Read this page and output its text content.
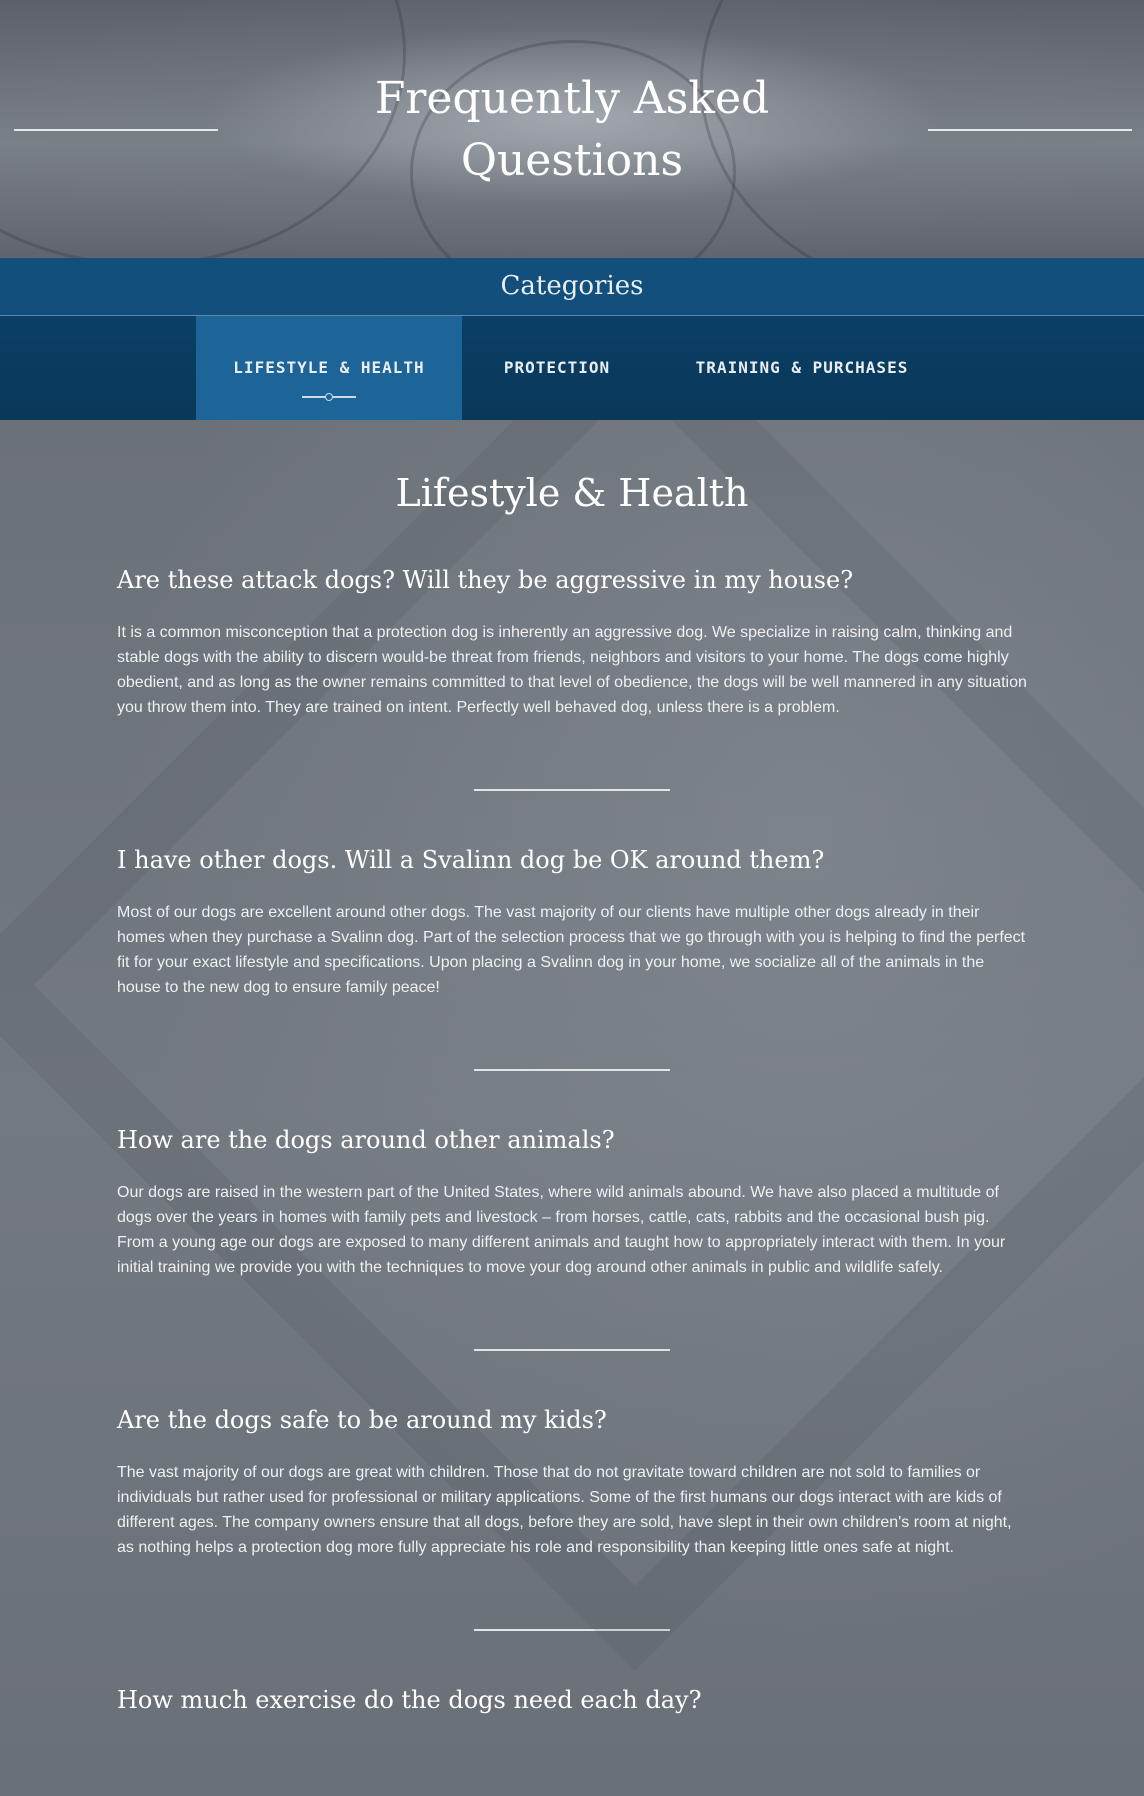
Frequently Asked
Questions
Categories
LIFESTYLE & HEALTH	PROTECTION	TRAINING & PURCHASES
Lifestyle & Health
Are these attack dogs? Will they be aggressive in my house?

It is a common misconception that a protection dog is inherently an aggressive dog. We specialize in raising calm, thinking and stable dogs with the ability to discern would-be threat from friends, neighbors and visitors to your home. The dogs come highly obedient, and as long as the owner remains committed to that level of obedience, the dogs will be well mannered in any situation you throw them into. They are trained on intent. Perfectly well behaved dog, unless there is a problem.

I have other dogs. Will a Svalinn dog be OK around them?

Most of our dogs are excellent around other dogs. The vast majority of our clients have multiple other dogs already in their homes when they purchase a Svalinn dog. Part of the selection process that we go through with you is helping to find the perfect fit for your exact lifestyle and specifications. Upon placing a Svalinn dog in your home, we socialize all of the animals in the house to the new dog to ensure family peace!

How are the dogs around other animals?

Our dogs are raised in the western part of the United States, where wild animals abound. We have also placed a multitude of dogs over the years in homes with family pets and livestock – from horses, cattle, cats, rabbits and the occasional bush pig. From a young age our dogs are exposed to many different animals and taught how to appropriately interact with them. In your initial training we provide you with the techniques to move your dog around other animals in public and wildlife safely.

Are the dogs safe to be around my kids?

The vast majority of our dogs are great with children. Those that do not gravitate toward children are not sold to families or individuals but rather used for professional or military applications. Some of the first humans our dogs interact with are kids of different ages. The company owners ensure that all dogs, before they are sold, have slept in their own children's room at night, as nothing helps a protection dog more fully appreciate his role and responsibility than keeping little ones safe at night.

How much exercise do the dogs need each day?
